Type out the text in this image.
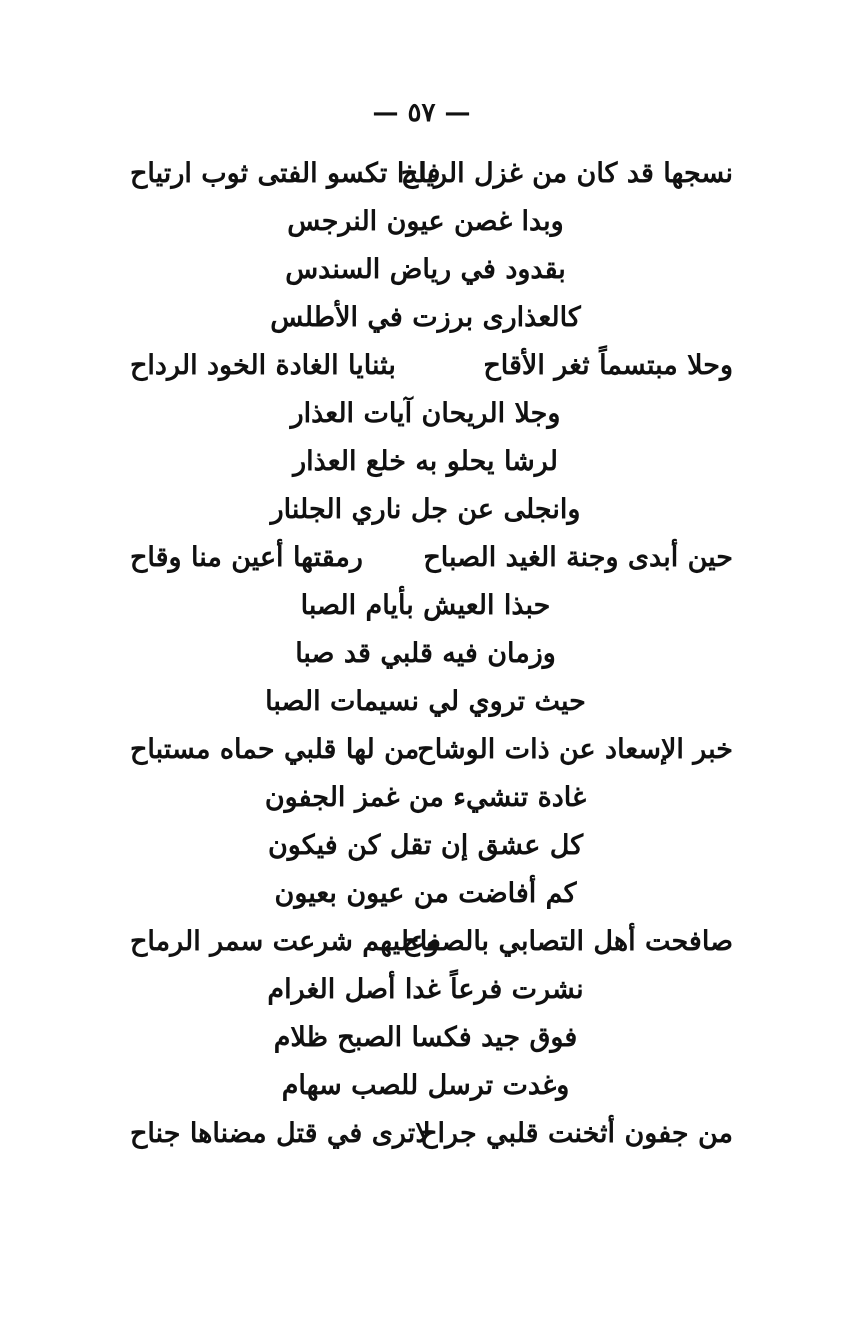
— ٥٧ —
نسجها قد كان من غزل الرياح
فلذا تكسو الفتى ثوب ارتياح
وبدا غصن عيون النرجس
بقدود في رياض السندس
كالعذارى برزت في الأطلس
وحلا مبتسماً ثغر الأقاح
بثنايا الغادة الخود الرداح
وجلا الريحان آيات العذار
لرشا يحلو به خلع العذار
وانجلى عن جل ناري الجلنار
حين أبدى وجنة الغيد الصباح
رمقتها أعين منا وقاح
حبذا العيش بأيام الصبا
وزمان فيه قلبي قد صبا
حيث تروي لي نسيمات الصبا
خبر الإسعاد عن ذات الوشاح
من لها قلبي حماه مستباح
غادة تنشيء من غمز الجفون
كل عشق إن تقل كن فيكون
كم أفاضت من عيون بعيون
صافحت أهل التصابي بالصفاح
وعليهم شرعت سمر الرماح
نشرت فرعاً غدا أصل الغرام
فوق جيد فكسا الصبح ظلام
وغدت ترسل للصب سهام
من جفون أثخنت قلبي جراح
لاترى في قتل مضناها جناح
